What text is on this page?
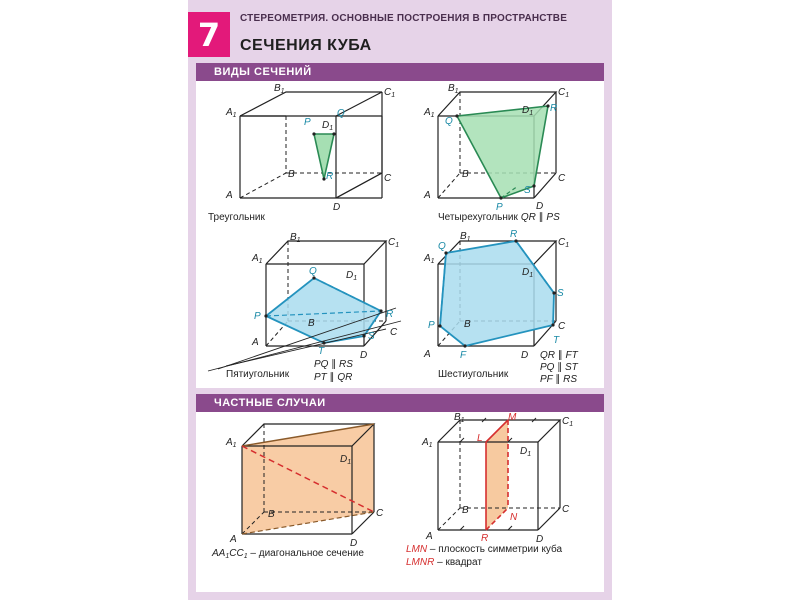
7	СТЕРЕОМЕТРИЯ. ОСНОВНЫЕ ПОСТРОЕНИЯ В ПРОСТРАНСТВЕ
СЕЧЕНИЯ КУБА
ВИДЫ СЕЧЕНИЙ
$A_1$
$B_1$	$C_1$
$D_1$
A
B	C
D
P
Q
R
Треугольник
$A_1$
$B_1$	$C_1$
$D_1$
A
B	C
D
Q
R
S
P
Четырехугольник QR ∥ PS
$A_1$
$B_1$	$C_1$
$D_1$
A
B
C
D
P
Q
R
S
T
Пятиугольник
PQ ∥ RS
PT ∥ QR
$A_1$
$B_1$	$C_1$
$D_1$
A
B	C
D
Q
R
S
T
F
P
Шестиугольник
QR ∥ FT
PQ ∥ ST
PF ∥ RS
ЧАСТНЫЕ СЛУЧАИ
$A_1$
$D_1$
A
B	C
D
$AA_1CC_1$ – диагональное сечение
$A_1$
$B_1$	$C_1$
$D_1$
A
B	C
D
L
M
N
R
LMN – плоскость симметрии куба
LMNR – квадрат
